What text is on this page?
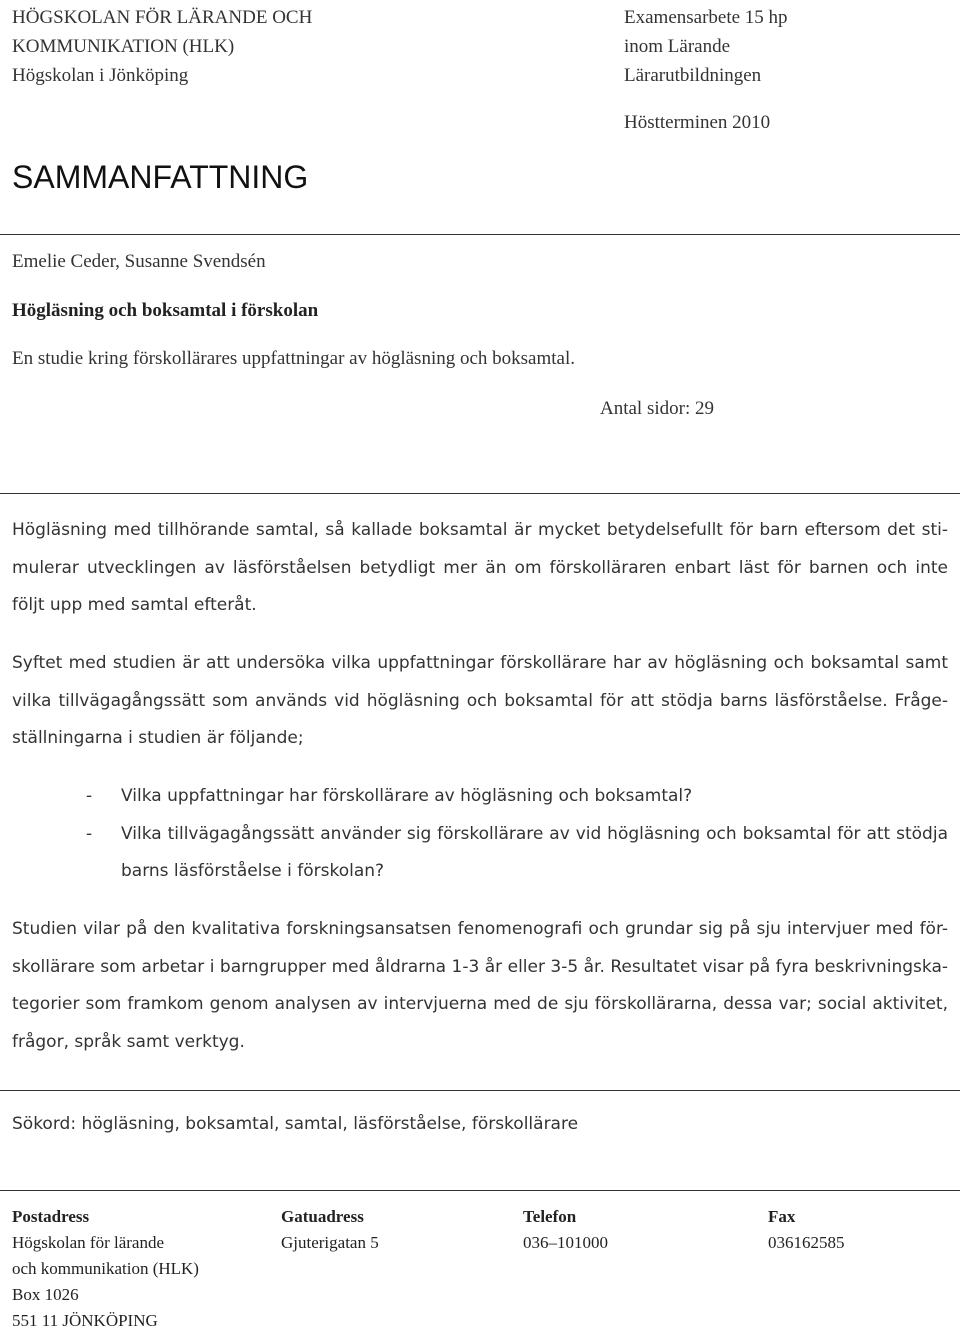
HÖGSKOLAN FÖR LÄRANDE OCH
KOMMUNIKATION (HLK)
Högskolan i Jönköping
Examensarbete 15 hp
inom Lärande
Lärarutbildningen
Höstterminen 2010
SAMMANFATTNING
Emelie Ceder, Susanne Svendsén
Högläsning och boksamtal i förskolan
En studie kring förskollärares uppfattningar av högläsning och boksamtal.
Antal sidor: 29
Högläsning med tillhörande samtal, så kallade boksamtal är mycket betydelsefullt för barn eftersom det sti-
mulerar utvecklingen av läsförståelsen betydligt mer än om förskolläraren enbart läst för barnen och inte
följt upp med samtal efteråt.
Syftet med studien är att undersöka vilka uppfattningar förskollärare har av högläsning och boksamtal samt
vilka tillvägagångssätt som används vid högläsning och boksamtal för att stödja barns läsförståelse. Fråge-
ställningarna i studien är följande;
- Vilka uppfattningar har förskollärare av högläsning och boksamtal?
- Vilka tillvägagångssätt använder sig förskollärare av vid högläsning och boksamtal för att stödja
barns läsförståelse i förskolan?
Studien vilar på den kvalitativa forskningsansatsen fenomenografi och grundar sig på sju intervjuer med för-
skollärare som arbetar i barngrupper med åldrarna 1-3 år eller 3-5 år. Resultatet visar på fyra beskrivningska-
tegorier som framkom genom analysen av intervjuerna med de sju förskollärarna, dessa var; social aktivitet,
frågor, språk samt verktyg.
Sökord: högläsning, boksamtal, samtal, läsförståelse, förskollärare
Postadress
Högskolan för lärande
och kommunikation (HLK)
Box 1026
551 11 JÖNKÖPING
Gatuadress
Gjuterigatan 5
Telefon
036–101000
Fax
036162585
